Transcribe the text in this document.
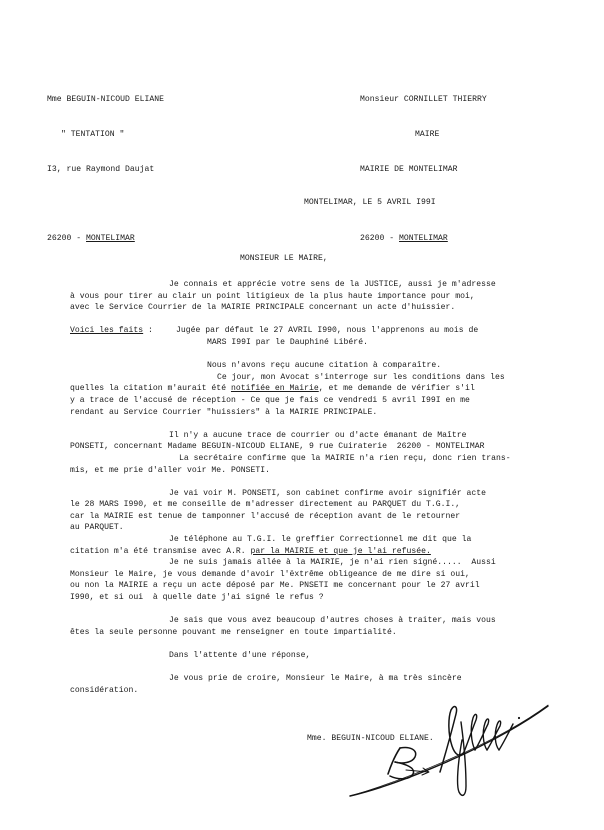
Mme BEGUIN-NICOUD ELIANE

" TENTATION "

I3, rue Raymond Daujat

26200 - MONTELIMAR

Monsieur CORNILLET THIERRY

MAIRE

MAIRIE DE MONTELIMAR

26200 - MONTELIMAR

MONTELIMAR, LE 5 AVRIL I99I
MONSIEUR LE MAIRE,
Je connais et apprécie votre sens de la JUSTICE, aussi je m'adresse
à vous pour tirer au clair un point litigieux de la plus haute importance pour moi,
avec le Service Courrier de la MAIRIE PRINCIPALE concernant un acte d'huissier.
Voici les faits :	Jugée par défaut le 27 AVRIL I990, nous l'apprenons au mois de
MARS I99I par le Dauphiné Libéré.
Nous n'avons reçu aucune citation à comparaître.
Ce jour, mon Avocat s'interroge sur les conditions dans les
quelles la citation m'aurait été notifiée en Mairie, et me demande de vérifier s'il
y a trace de l'accusé de réception - Ce que je fais ce vendredi 5 avril I99I en me
rendant au Service Courrier "huissiers" à la MAIRIE PRINCIPALE.
Il n'y a aucune trace de courrier ou d'acte émanant de Maître
PONSETI, concernant Madame BEGUIN-NICOUD ELIANE, 9 rue Cuiraterie  26200 - MONTELIMAR
La secrétaire confirme que la MAIRIE n'a rien reçu, donc rien trans-
mis, et me prie d'aller voir Me. PONSETI.
Je vai voir M. PONSETI, son cabinet confirme avoir signifiér acte
le 28 MARS I990, et me conseille de m'adresser directement au PARQUET du T.G.I.,
car la MAIRIE est tenue de tamponner l'accusé de réception avant de le retourner
au PARQUET.
Je téléphone au T.G.I. le greffier Correctionnel me dit que la
citation m'a été transmise avec A.R. par la MAIRIE et que je l'ai refusée.
Je ne suis jamais allée à la MAIRIE, je n'ai rien signé.....  Aussi
Monsieur le Maire, je vous demande d'avoir l'ëxtrême obligeance de me dire si oui,
ou non la MAIRIE a reçu un acte déposé par Me. PNSETI me concernant pour le 27 avril
I990, et si oui  à quelle date j'ai signé le refus ?
Je sais que vous avez beaucoup d'autres choses à traiter, mais vous
êtes la seule personne pouvant me renseigner en toute impartialité.
Dans l'attente d'une réponse,
Je vous prie de croire, Monsieur le Maire, à ma très sincère
considération.
Mme. BEGUIN-NICOUD ELIANE.
